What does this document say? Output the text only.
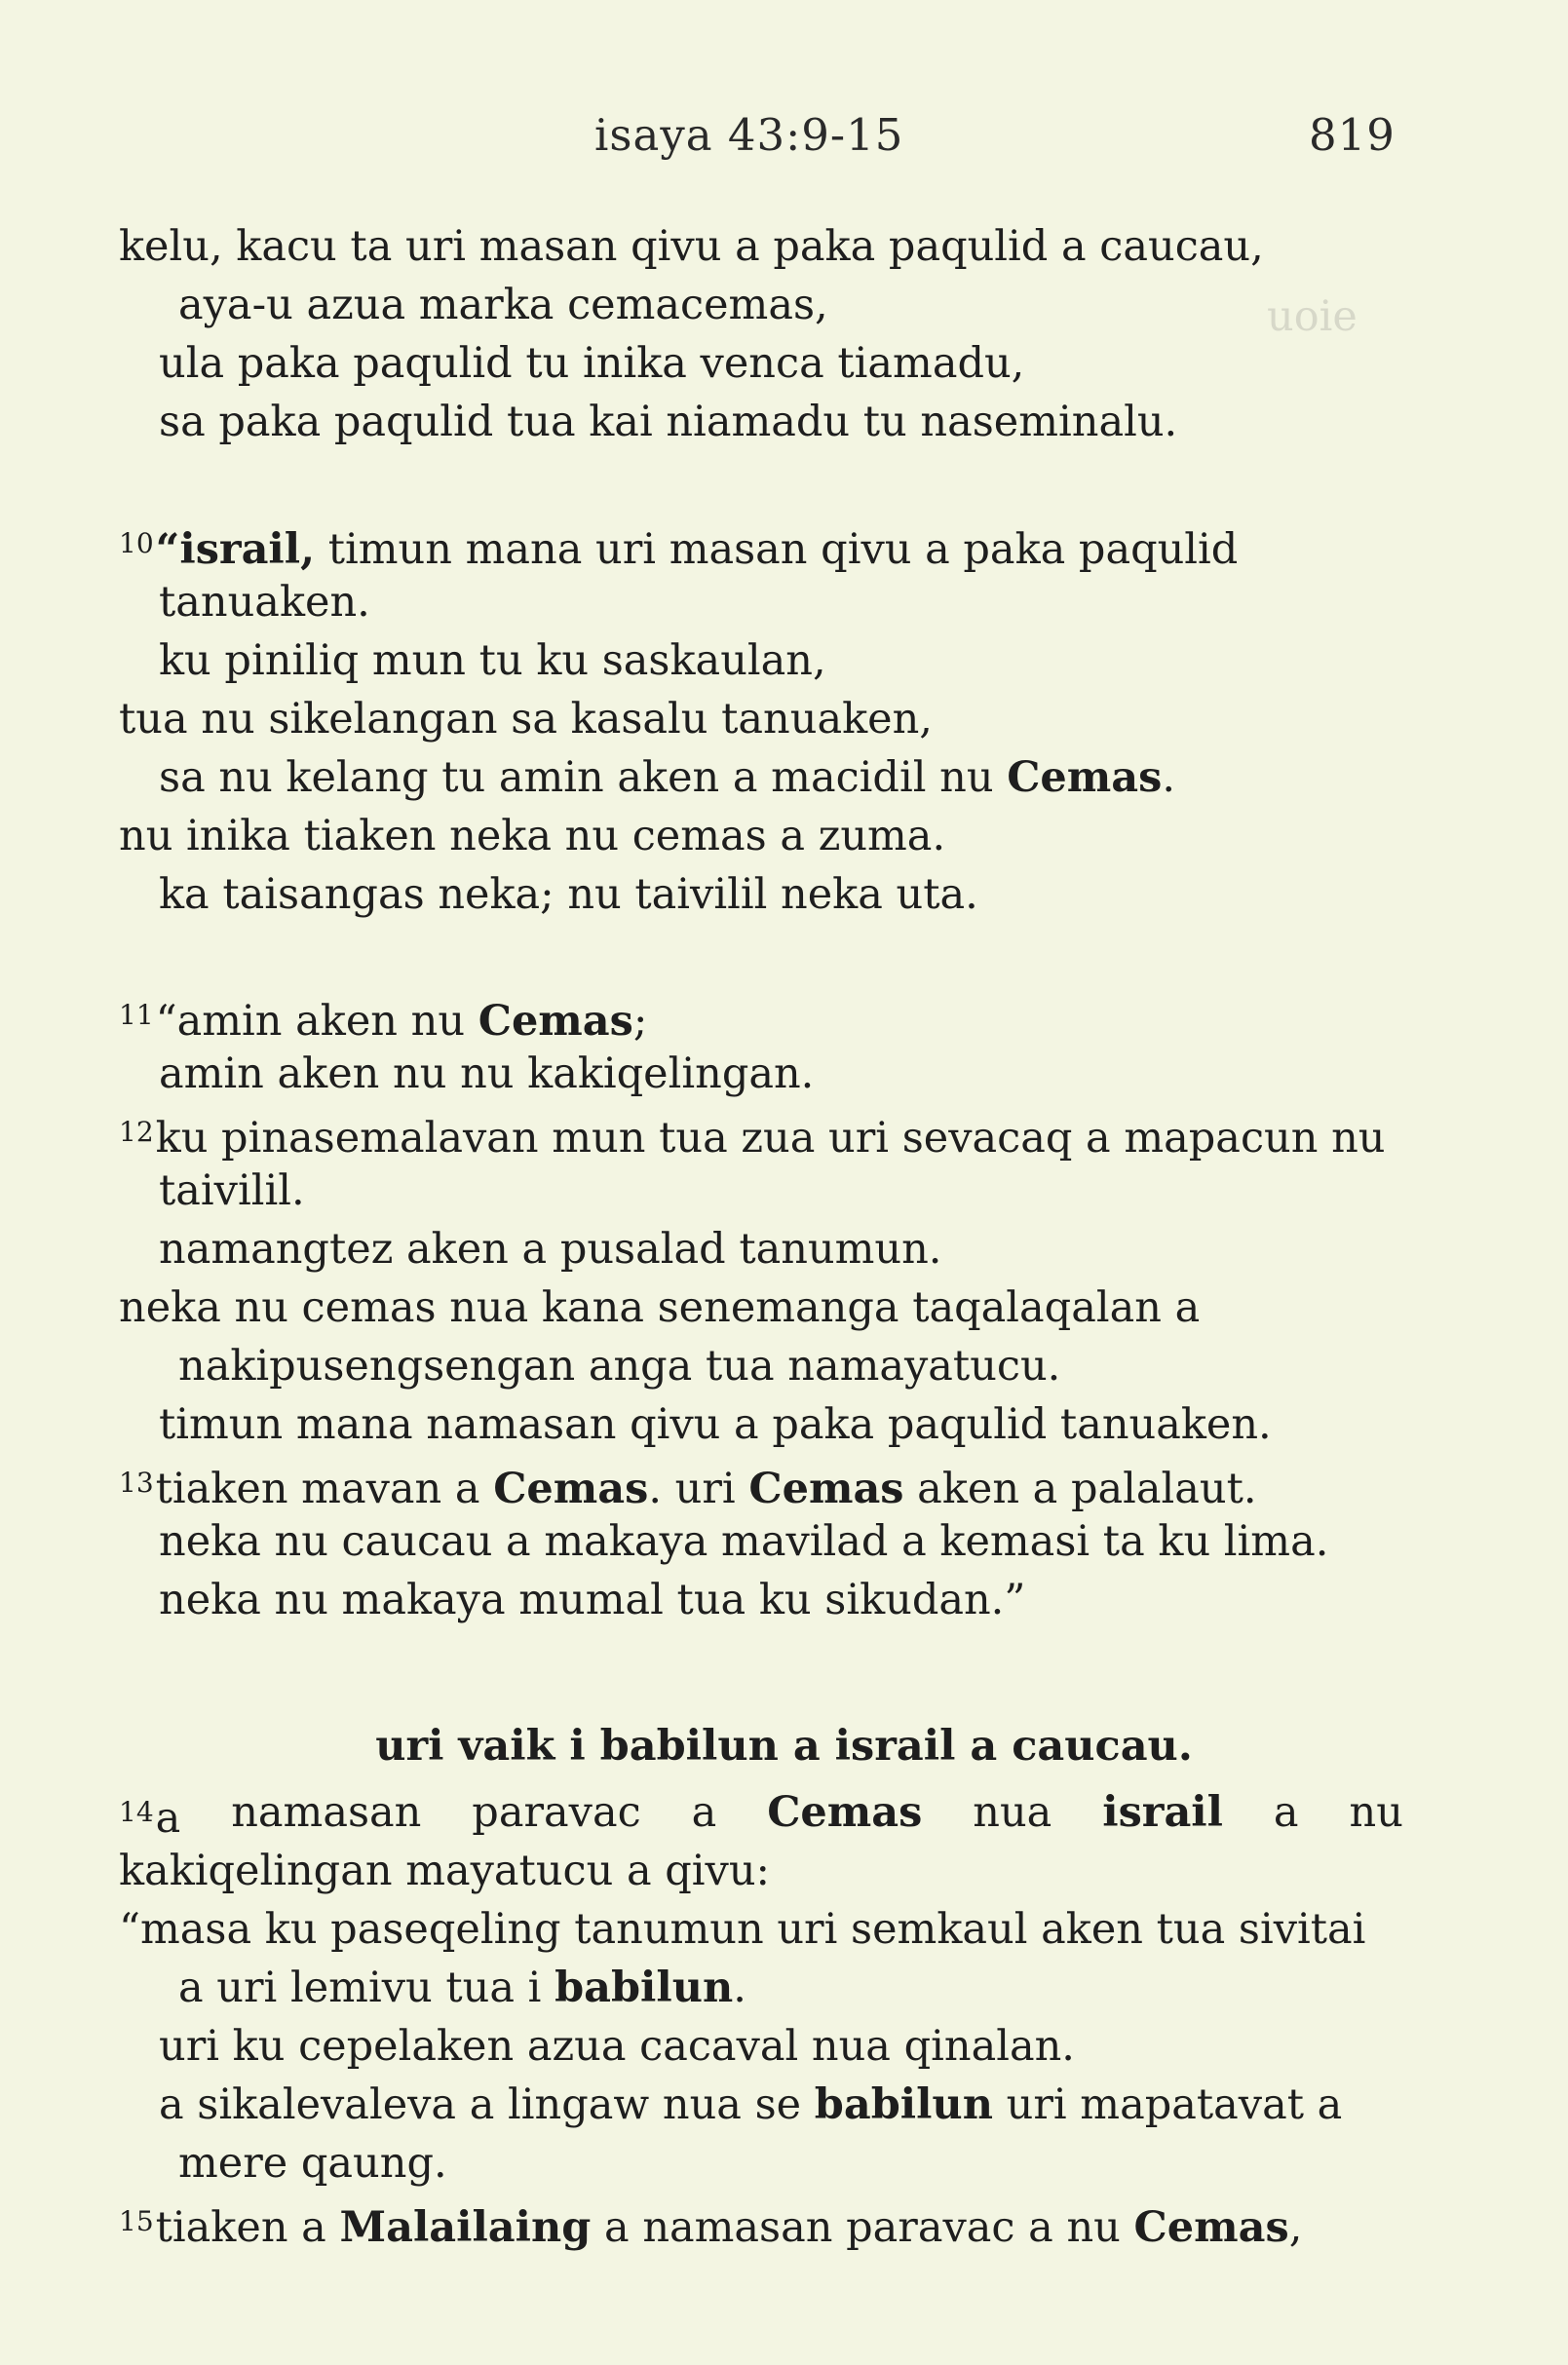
isaya 43:9-15	819
uoie
kelu, kacu ta uri masan qivu a paka paqulid a caucau,
aya-u azua marka cemacemas,
ula paka paqulid tu inika venca tiamadu,
sa paka paqulid tua kai niamadu tu naseminalu.
$^{10}$“israil, timun mana uri masan qivu a paka paqulid
tanuaken.
ku piniliq mun tu ku saskaulan,
tua nu sikelangan sa kasalu tanuaken,
sa nu kelang tu amin aken a macidil nu Cemas.
nu inika tiaken neka nu cemas a zuma.
ka taisangas neka; nu taivilil neka uta.
$^{11}$“amin aken nu Cemas;
amin aken nu nu kakiqelingan.
$^{12}$ku pinasemalavan mun tua zua uri sevacaq a mapacun nu
taivilil.
namangtez aken a pusalad tanumun.
neka nu cemas nua kana senemanga taqalaqalan a
nakipusengsengan anga tua namayatucu.
timun mana namasan qivu a paka paqulid tanuaken.
$^{13}$tiaken mavan a Cemas. uri Cemas aken a palalaut.
neka nu caucau a makaya mavilad a kemasi ta ku lima.
neka nu makaya mumal tua ku sikudan.”
uri vaik i babilun a israil a caucau.
14a namasan paravac a Cemas nua israil a nu
kakiqelingan mayatucu a qivu:
“masa ku paseqeling tanumun uri semkaul aken tua sivitai
a uri lemivu tua i babilun.
uri ku cepelaken azua cacaval nua qinalan.
a sikalevaleva a lingaw nua se babilun uri mapatavat a
mere qaung.
$^{15}$tiaken a Malailaing a namasan paravac a nu Cemas,
